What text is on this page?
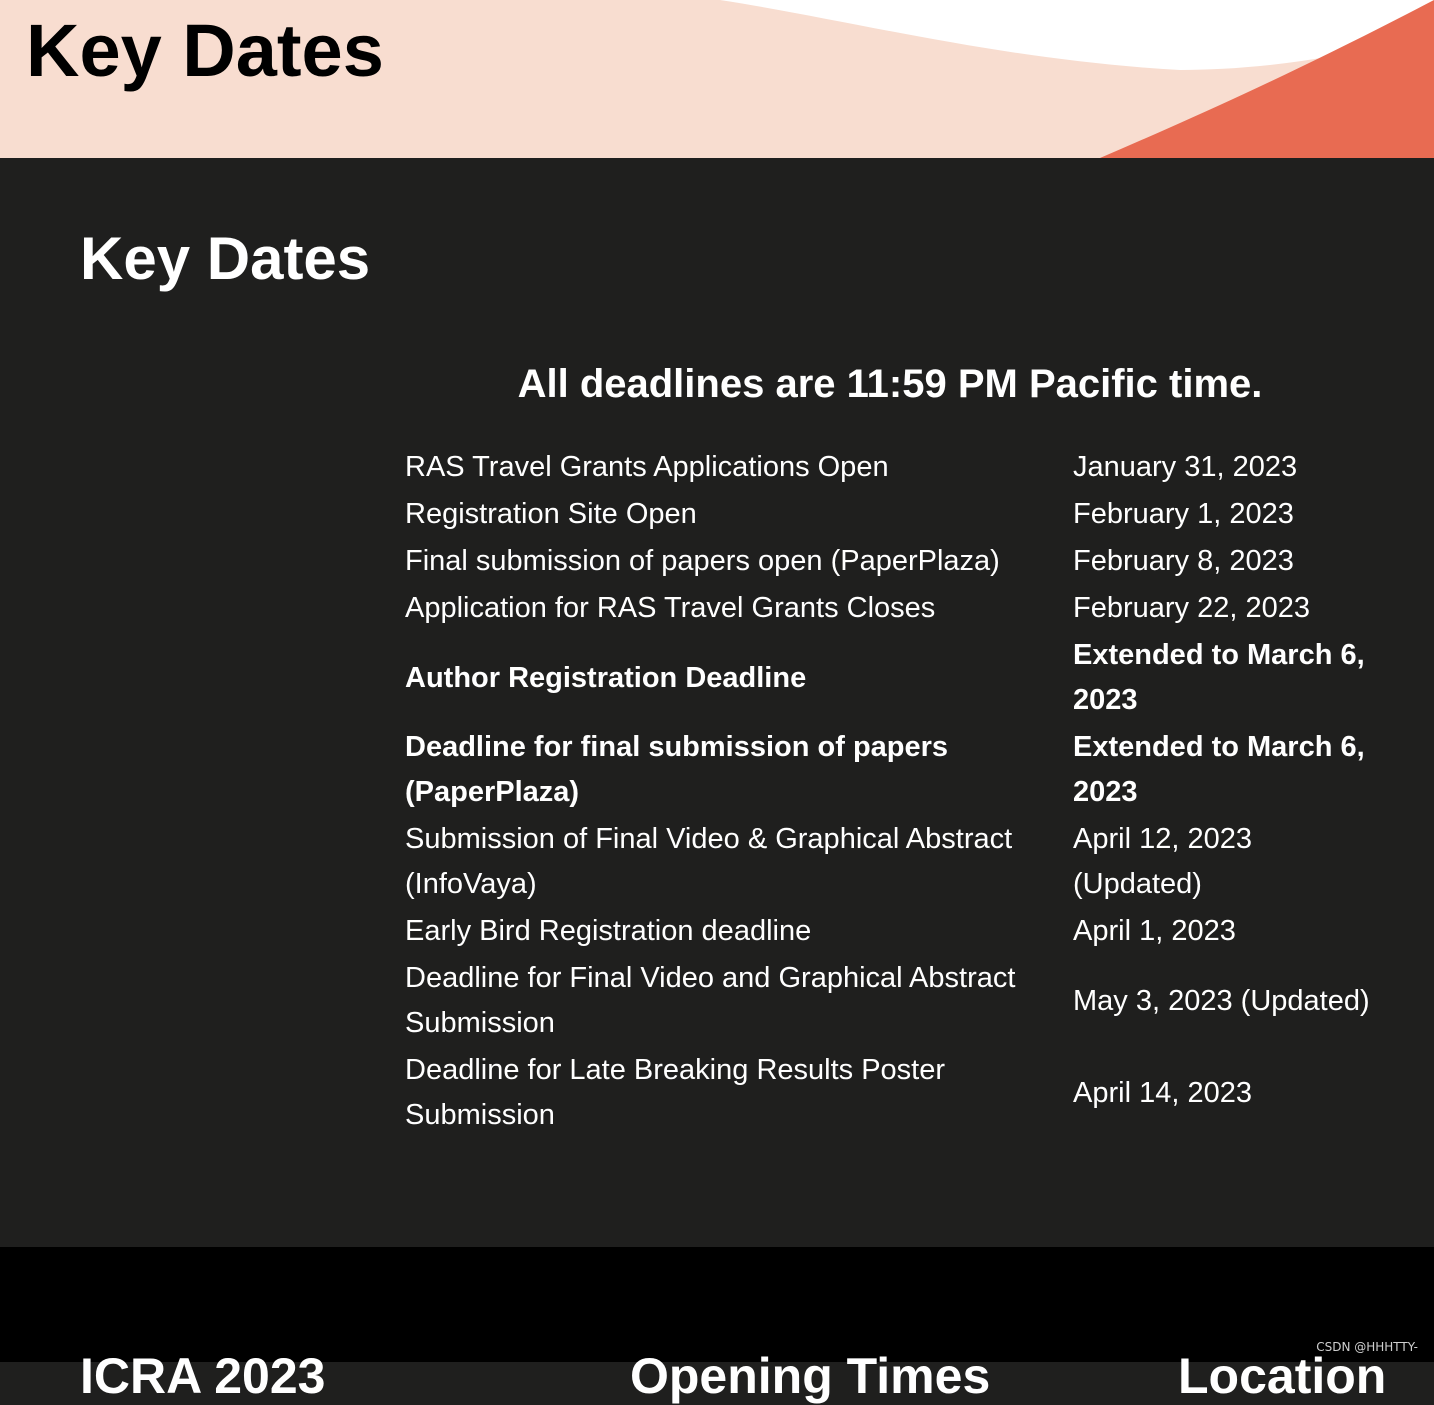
Key Dates
Key Dates
All deadlines are 11:59 PM Pacific time.
RAS Travel Grants Applications Open	January 31, 2023
Registration Site Open	February 1, 2023
Final submission of papers open (PaperPlaza)	February 8, 2023
Application for RAS Travel Grants Closes	February 22, 2023
Author Registration Deadline	Extended to March 6, 2023
Deadline for final submission of papers (PaperPlaza)	Extended to March 6, 2023
Submission of Final Video & Graphical Abstract (InfoVaya)	April 12, 2023 (Updated)
Early Bird Registration deadline	April 1, 2023
Deadline for Final Video and Graphical Abstract Submission	May 3, 2023 (Updated)
Deadline for Late Breaking Results Poster Submission	April 14, 2023
ICRA 2023	Opening Times	Location
CSDN @HHHTTY-
